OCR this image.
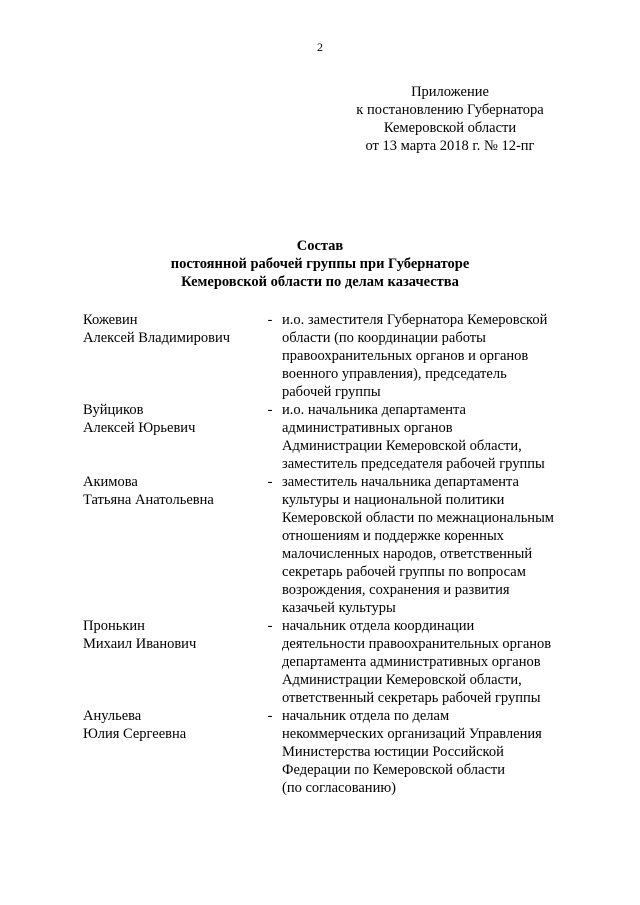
2
Приложение
к постановлению Губернатора
Кемеровской области
от 13 марта 2018 г. № 12-пг
Состав
постоянной рабочей группы при Губернаторе
Кемеровской области по делам казачества
Кожевин
Алексей Владимирович
- и.о. заместителя Губернатора Кемеровской
области (по координации работы
правоохранительных органов и органов
военного управления), председатель
рабочей группы
Вуйциков
Алексей Юрьевич
- и.о. начальника департамента
административных органов
Администрации Кемеровской области,
заместитель председателя рабочей группы
Акимова
Татьяна Анатольевна
- заместитель начальника департамента
культуры и национальной политики
Кемеровской области по межнациональным
отношениям и поддержке коренных
малочисленных народов, ответственный
секретарь рабочей группы по вопросам
возрождения, сохранения и развития
казачьей культуры
Пронькин
Михаил Иванович
- начальник отдела координации
деятельности правоохранительных органов
департамента административных органов
Администрации Кемеровской области,
ответственный секретарь рабочей группы
Анульева
Юлия Сергеевна
- начальник отдела по делам
некоммерческих организаций Управления
Министерства юстиции Российской
Федерации по Кемеровской области
(по согласованию)
